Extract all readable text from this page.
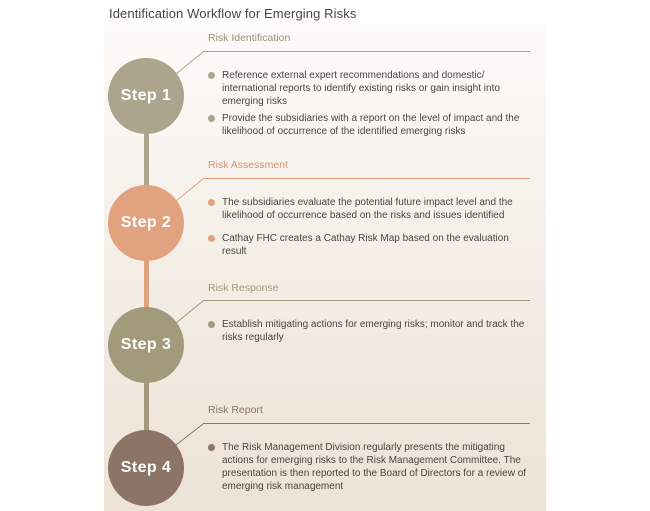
Identification Workflow for Emerging Risks
Step 1
Risk Identification
Reference external expert recommendations and domestic/ international reports to identify existing risks or gain insight into emerging risks
Provide the subsidiaries with a report on the level of impact and the likelihood of occurrence of the identified emerging risks
Step 2
Risk Assessment
The subsidiaries evaluate the potential future impact level and the likelihood of occurrence based on the risks and issues identified
Cathay FHC creates a Cathay Risk Map based on the evaluation result
Step 3
Risk Response
Establish mitigating actions for emerging risks; monitor and track the risks regularly
Step 4
Risk Report
The Risk Management Division regularly presents the mitigating actions for emerging risks to the Risk Management Committee. The presentation is then reported to the Board of Directors for a review of emerging risk management
